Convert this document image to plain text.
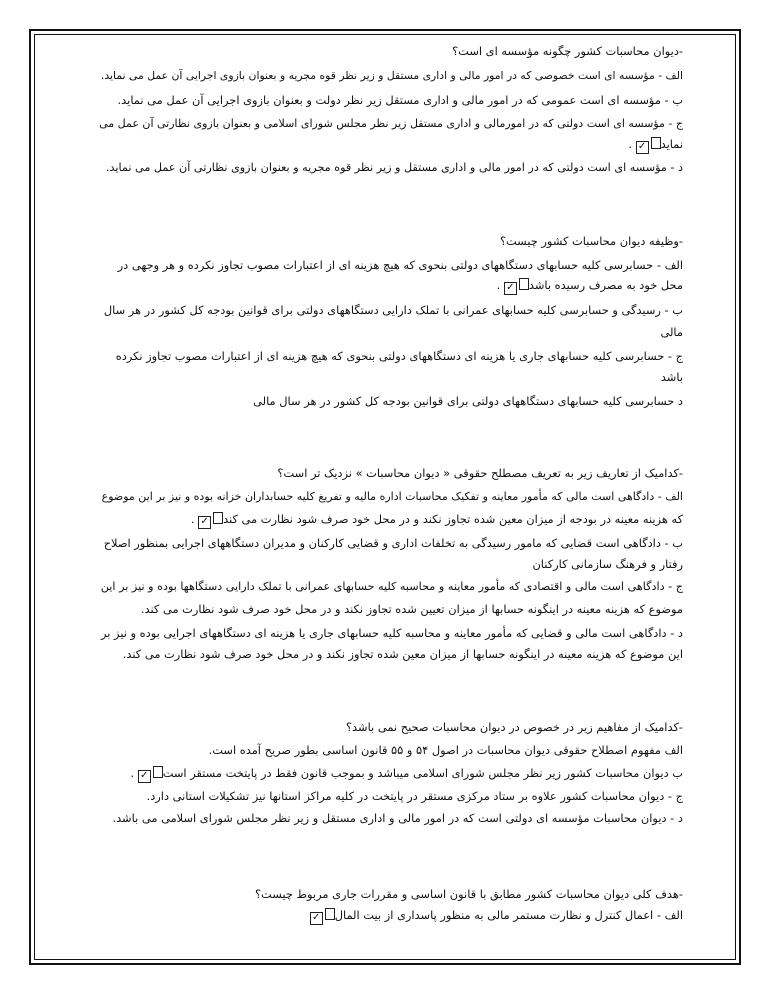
-دیوان محاسبات کشور چگونه مؤسسه ای است؟
الف - مؤسسه ای است خصوصی که در امور مالی و اداری مستقل و زیر نظر قوه مجریه و بعنوان بازوی اجرایی آن عمل می نماید.
ب - مؤسسه ای است عمومی که در امور مالی و اداری مستقل زیر نظر دولت و بعنوان بازوی اجرایی آن عمل می نماید.
ج - مؤسسه ای است دولتی که در امورمالی و اداری مستقل زیر نظر مجلس شورای اسلامی و بعنوان بازوی نظارتی آن عمل می
نماید✓ .
د - مؤسسه ای است دولتی که در امور مالی و اداری مستقل و زیر نظر قوه مجریه و بعنوان بازوی نظارتی آن عمل می نماید.
-وظیفه دیوان محاسبات کشور چیست؟
الف - حسابرسی کلیه حسابهای دستگاههای دولتی بنحوی که هیچ هزینه ای از اعتبارات مصوب تجاوز نکرده و هر وجهی در
محل خود به مصرف رسیده باشد✓ .
ب - رسیدگی و حسابرسی کلیه حسابهای عمرانی با تملک دارایی دستگاههای دولتی برای قوانین بودجه کل کشور در هر سال
مالی
ج - حسابرسی کلیه حسابهای جاری یا هزینه ای دستگاههای دولتی بنحوی که هیچ هزینه ای از اعتبارات مصوب تجاوز نکرده
باشد
د حسابرسی کلیه حسابهای دستگاههای دولتی برای قوانین بودجه کل کشور در هر سال مالی
-کدامیک از تعاریف زیر به تعریف مصطلح حقوقی « دیوان محاسبات » نزدیک تر است؟
الف - دادگاهی است مالی که مأمور معاینه و تفکیک محاسبات اداره مالیه و تفریغ کلیه حسابداران خزانه بوده و نیز بر این موضوع
که هزینه معینه در بودجه از میزان معین شده تجاوز نکند و در محل خود صرف شود نظارت می کند✓ .
ب - دادگاهی است قضایی که مامور رسیدگی به تخلفات اداری و قضایی کارکنان و مدیران دستگاههای اجرایی بمنظور اصلاح
رفتار و فرهنگ سازمانی کارکنان
ج - دادگاهی است مالی و اقتصادی که مأمور معاینه و محاسبه کلیه حسابهای عمرانی با تملک دارایی دستگاهها بوده و نیز بر این
موضوع که هزینه معینه در اینگونه حسابها از میزان تعیین شده تجاوز نکند و در محل خود صرف شود نظارت می کند.
د - دادگاهی است مالی و قضایی که مأمور معاینه و محاسبه کلیه حسابهای جاری یا هزینه ای دستگاههای اجرایی بوده و نیز بر
این موضوع که هزینه معینه در اینگونه حسابها از میزان معین شده تجاوز نکند و در محل خود صرف شود نظارت می کند.
-کدامیک از مفاهیم زیر در خصوص در دیوان محاسبات صحیح نمی باشد؟
الف مفهوم اصطلاح حقوقی دیوان محاسبات در اصول ۵۴ و ۵۵ قانون اساسی بطور صریح آمده است.
ب دیوان محاسبات کشور زیر نظر مجلس شورای اسلامی میباشد و بموجب قانون فقط در پایتخت مستقر است✓ .
ج - دیوان محاسبات کشور علاوه بر ستاد مرکزی مستقر در پایتخت در کلیه مراکز استانها نیز تشکیلات استانی دارد.
د - دیوان محاسبات مؤسسه ای دولتی است که در امور مالی و اداری مستقل و زیر نظر مجلس شورای اسلامی می باشد.
-هدف کلی دیوان محاسبات کشور مطابق با قانون اساسی و مقررات جاری مربوط چیست؟
الف - اعمال کنترل و نظارت مستمر مالی به منظور پاسداری از بیت المال✓
